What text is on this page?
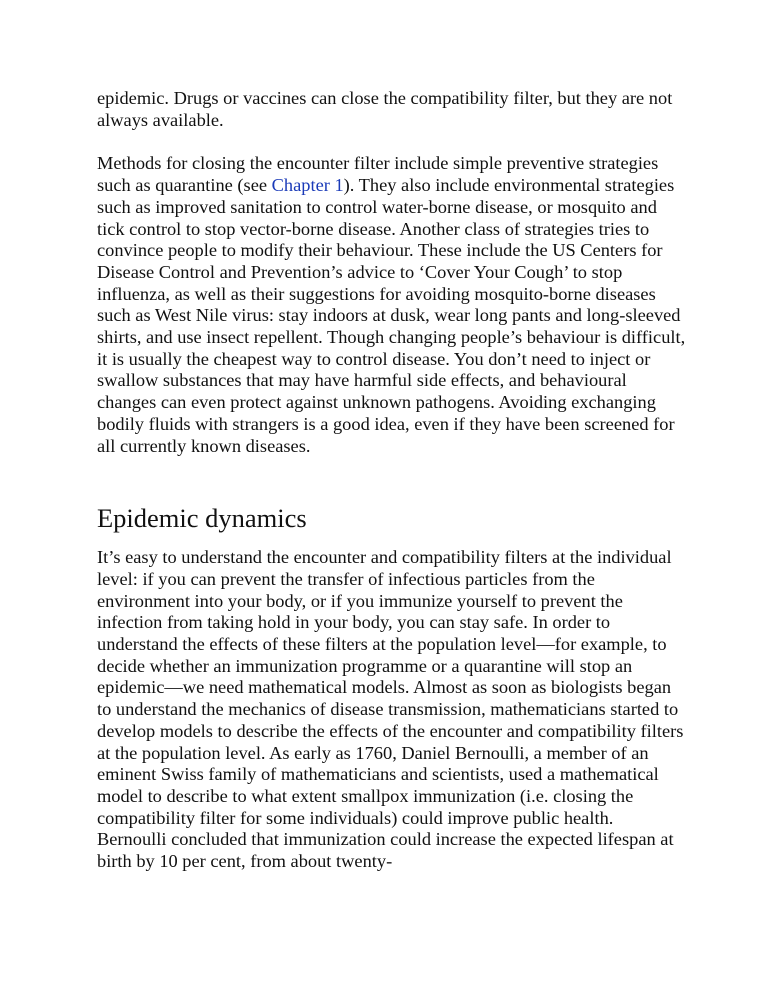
epidemic. Drugs or vaccines can close the compatibility filter, but they are not always available.

Methods for closing the encounter filter include simple preventive strategies such as quarantine (see Chapter 1). They also include environmental strategies such as improved sanitation to control water-borne disease, or mosquito and tick control to stop vector-borne disease. Another class of strategies tries to convince people to modify their behaviour. These include the US Centers for Disease Control and Prevention’s advice to ‘Cover Your Cough’ to stop influenza, as well as their suggestions for avoiding mosquito-borne diseases such as West Nile virus: stay indoors at dusk, wear long pants and long-sleeved shirts, and use insect repellent. Though changing people’s behaviour is difficult, it is usually the cheapest way to control disease. You don’t need to inject or swallow substances that may have harmful side effects, and behavioural changes can even protect against unknown pathogens. Avoiding exchanging bodily fluids with strangers is a good idea, even if they have been screened for all currently known diseases.

Epidemic dynamics

It’s easy to understand the encounter and compatibility filters at the individual level: if you can prevent the transfer of infectious particles from the environment into your body, or if you immunize yourself to prevent the infection from taking hold in your body, you can stay safe. In order to understand the effects of these filters at the population level—for example, to decide whether an immunization programme or a quarantine will stop an epidemic—we need mathematical models. Almost as soon as biologists began to understand the mechanics of disease transmission, mathematicians started to develop models to describe the effects of the encounter and compatibility filters at the population level. As early as 1760, Daniel Bernoulli, a member of an eminent Swiss family of mathematicians and scientists, used a mathematical model to describe to what extent smallpox immunization (i.e. closing the compatibility filter for some individuals) could improve public health. Bernoulli concluded that immunization could increase the expected lifespan at birth by 10 per cent, from about twenty-
